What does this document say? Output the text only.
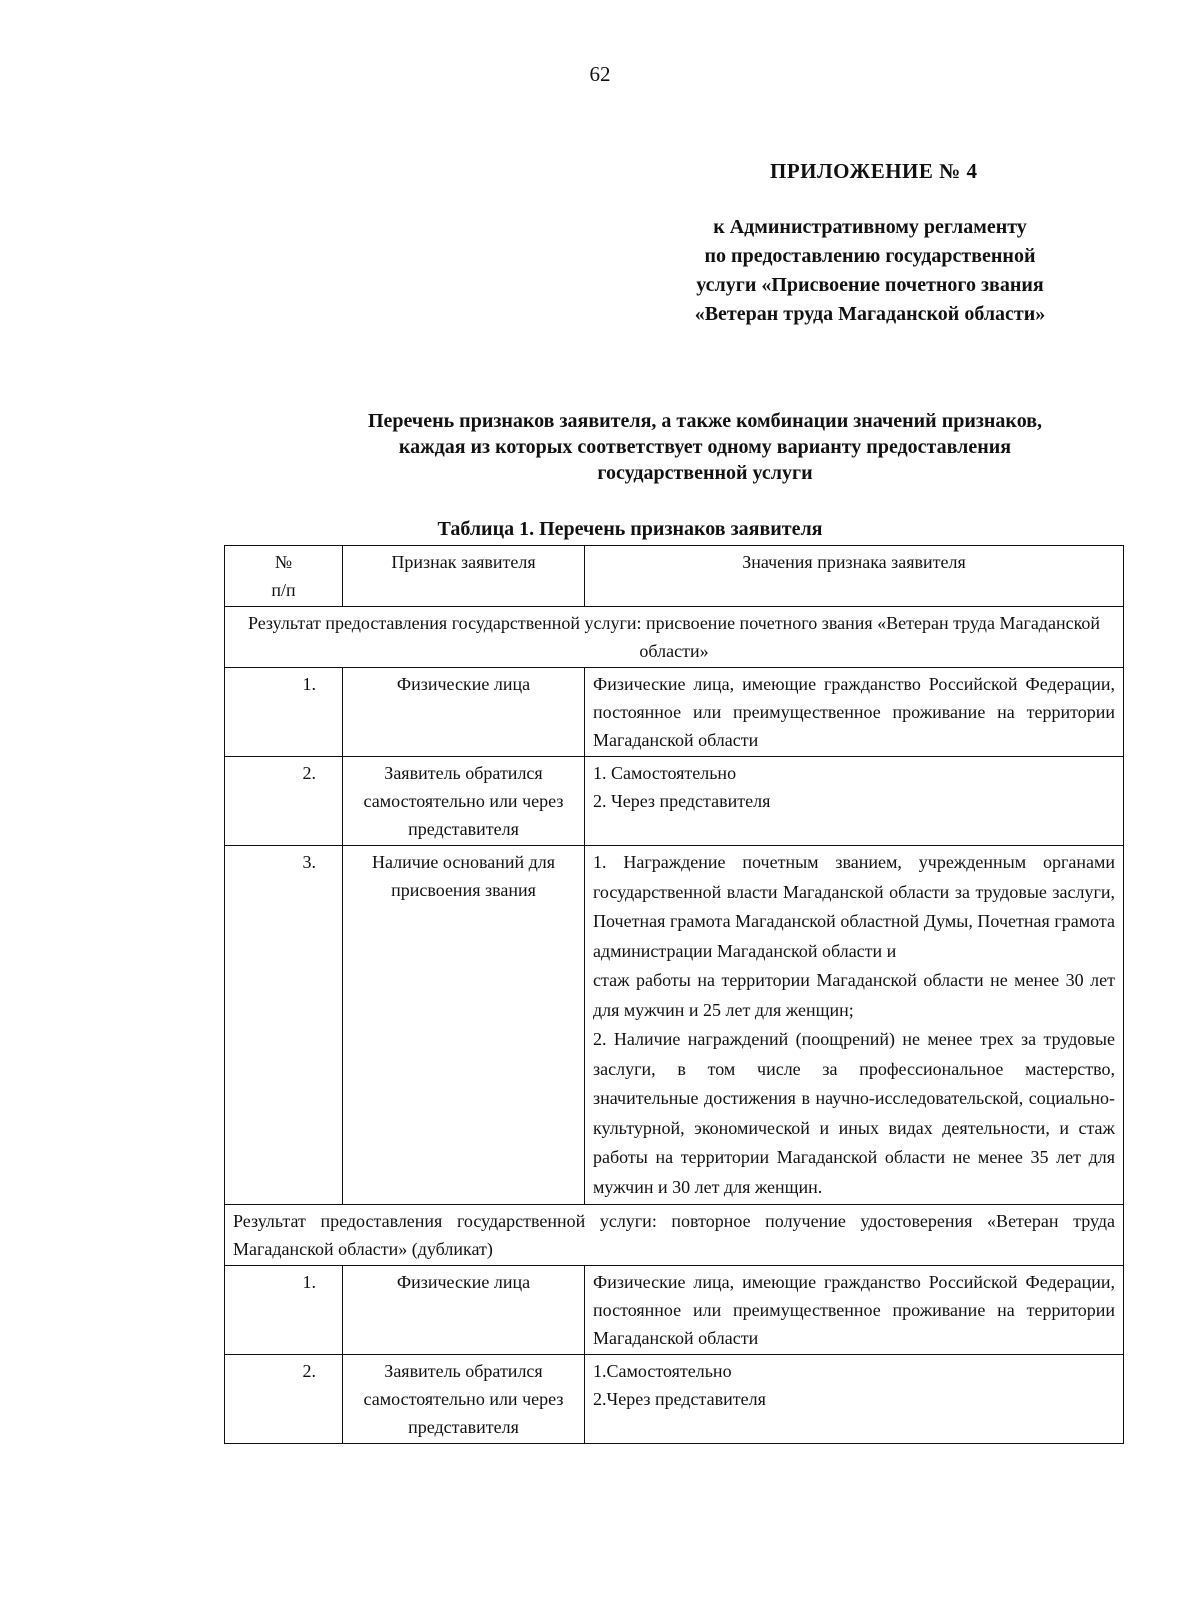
62
ПРИЛОЖЕНИЕ № 4
к Административному регламенту
по предоставлению государственной
услуги «Присвоение почетного звания
«Ветеран труда Магаданской области»
Перечень признаков заявителя, а также комбинации значений признаков,
каждая из которых соответствует одному варианту предоставления
государственной услуги
Таблица 1. Перечень признаков заявителя
№
п/п	Признак заявителя	Значения признака заявителя
Результат предоставления государственной услуги: присвоение почетного звания «Ветеран труда Магаданской области»		
1.	Физические лица	Физические лица, имеющие гражданство Российской Федерации, постоянное или преимущественное проживание на территории Магаданской области

2.	Заявитель обратился самостоятельно или через представителя	1. Самостоятельно
2. Через представителя

3.	Наличие оснований для присвоения звания	1. Награждение почетным званием, учрежденным органами государственной власти Магаданской области за трудовые заслуги, Почетная грамота Магаданской областной Думы, Почетная грамота администрации Магаданской области и
стаж работы на территории Магаданской области не менее 30 лет для мужчин и 25 лет для женщин;
2. Наличие награждений (поощрений) не менее трех за трудовые заслуги, в том числе за профессиональное мастерство, значительные достижения в научно-исследовательской, социально-культурной, экономической и иных видах деятельности, и стаж работы на территории Магаданской области не менее 35 лет для мужчин и 30 лет для женщин.

Результат предоставления государственной услуги: повторное получение удостоверения «Ветеран труда Магаданской области» (дубликат)		
1.	Физические лица	Физические лица, имеющие гражданство Российской Федерации, постоянное или преимущественное проживание на территории Магаданской области

2.	Заявитель обратился самостоятельно или через представителя	1.Самостоятельно
2.Через представителя
